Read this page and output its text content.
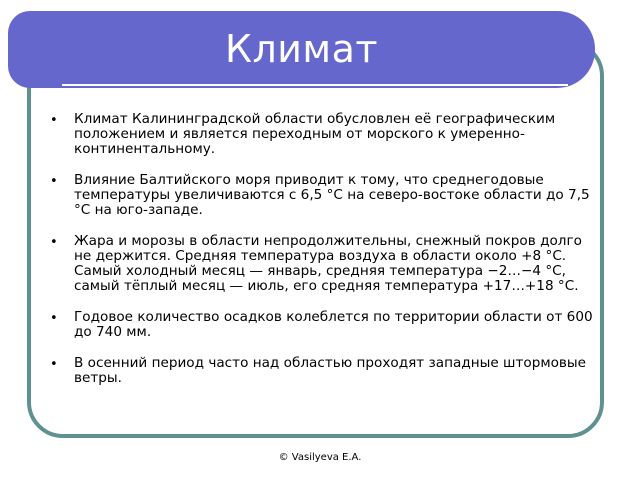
Климат
• Климат Калининградской области обусловлен её географическим положением и является переходным от морского к умеренно-континентальному.
• Влияние Балтийского моря приводит к тому, что среднегодовые температуры увеличиваются с 6,5 °С на северо-востоке области до 7,5 °С на юго-западе.
• Жара и морозы в области непродолжительны, снежный покров долго не держится. Средняя температура воздуха в области около +8 °С. Самый холодный месяц — январь, средняя температура −2…−4 °С, самый тёплый месяц — июль, его средняя температура +17…+18 °С.
• Годовое количество осадков колеблется по территории области от 600 до 740 мм.
• В осенний период часто над областью проходят западные штормовые ветры.
© Vasilyeva E.A.
